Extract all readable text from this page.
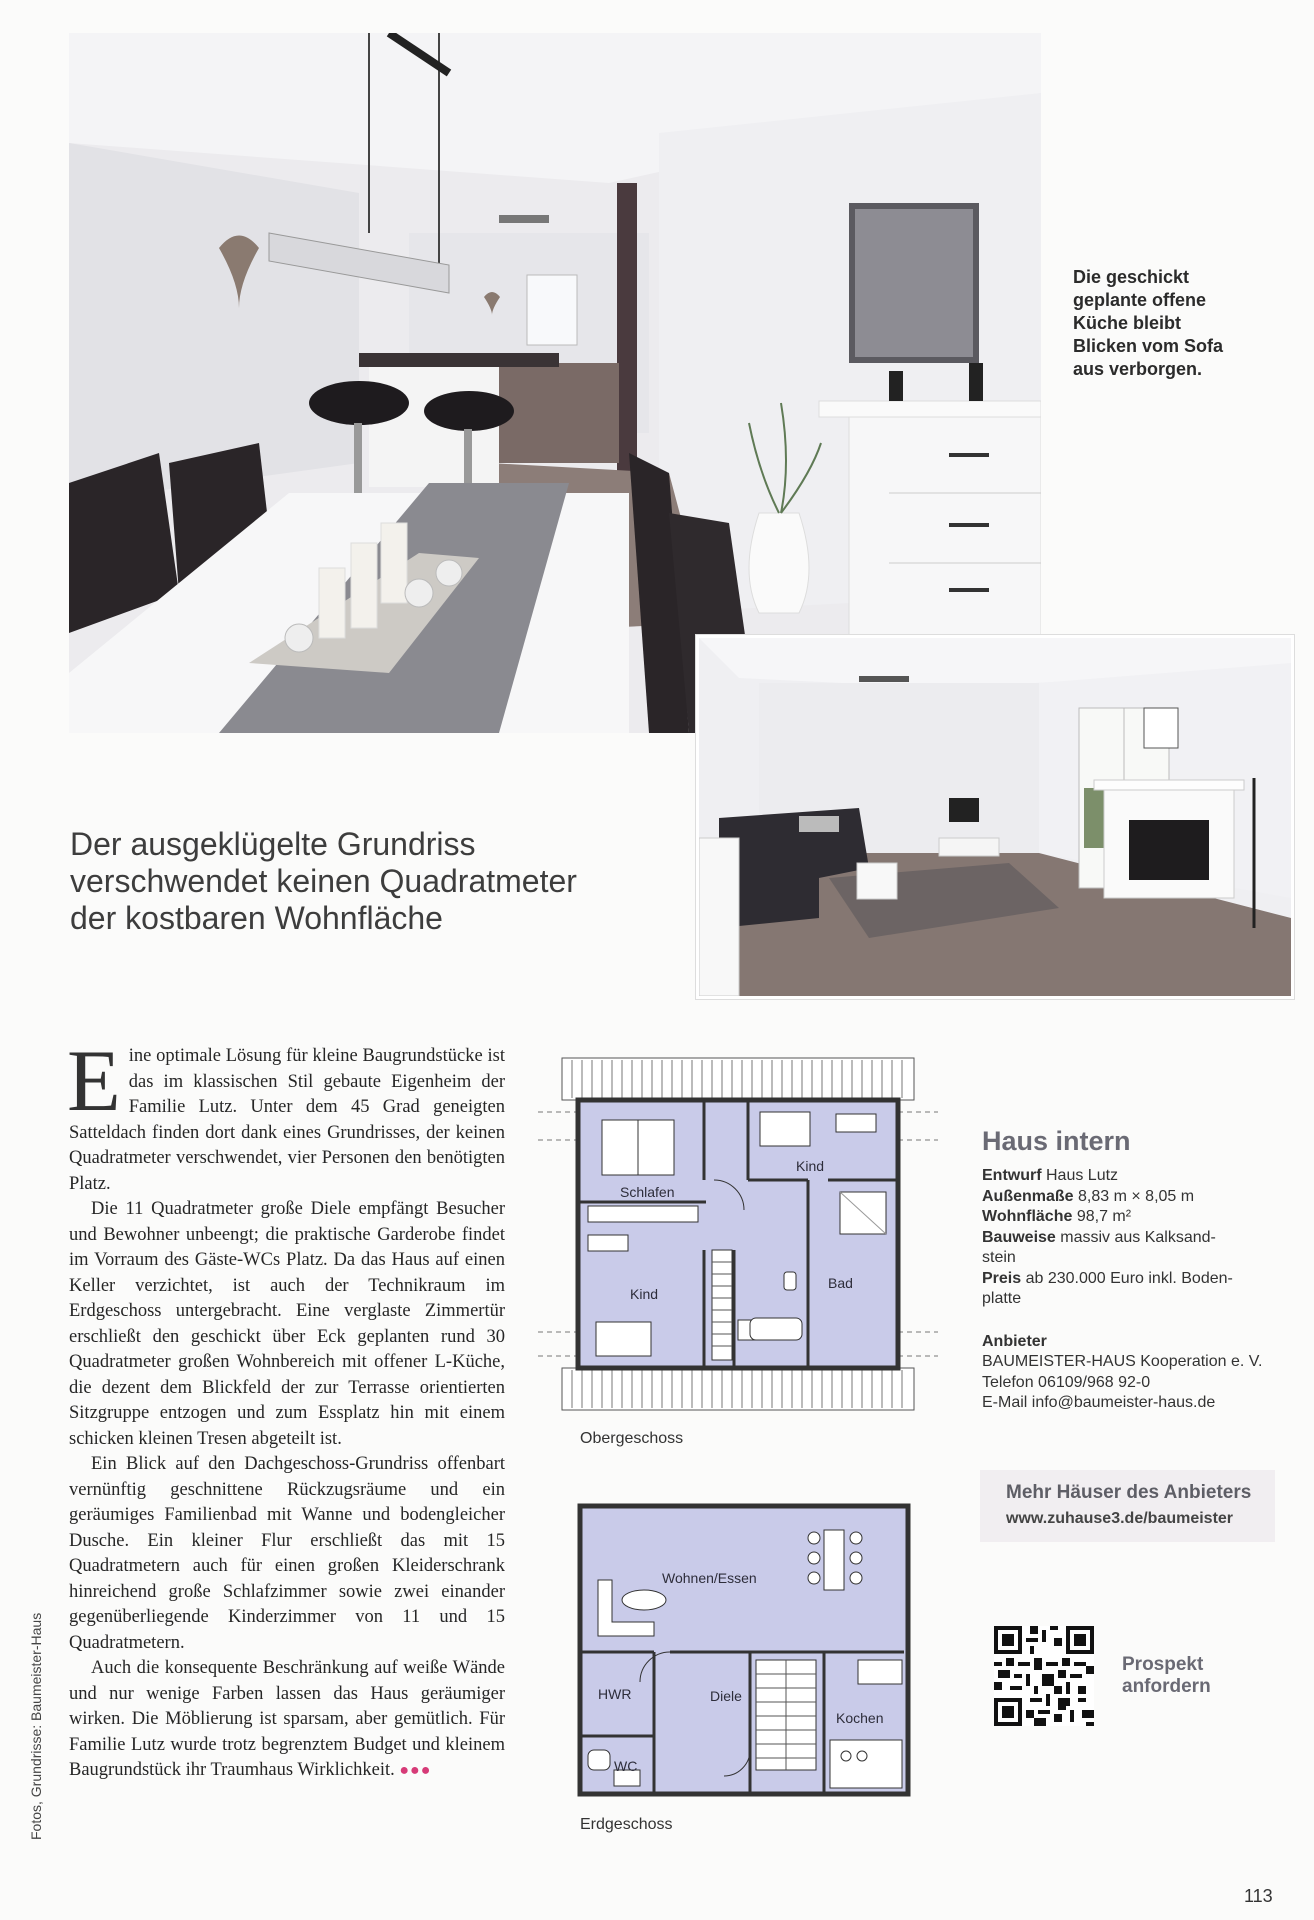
Die geschickt
geplante offene
Küche bleibt
Blicken vom Sofa
aus verborgen.
Der ausgeklügelte Grundriss
verschwendet keinen Quadratmeter
der kostbaren Wohnfläche

Eine optimale Lösung für kleine Baugrundstücke ist das im klassischen Stil gebaute Eigenheim der Familie Lutz. Unter dem 45 Grad geneigten Satteldach finden dort dank eines Grundrisses, der keinen Quadratmeter verschwendet, vier Personen den benötigten Platz.

Die 11 Quadratmeter große Diele empfängt Besucher und Bewohner unbeengt; die praktische Garderobe findet im Vorraum des Gäste-WCs Platz. Da das Haus auf einen Keller verzichtet, ist auch der Technikraum im Erdgeschoss untergebracht. Eine verglaste Zimmertür erschließt den geschickt über Eck geplanten rund 30 Quadratmeter großen Wohnbereich mit offener L-Küche, die dezent dem Blickfeld der zur Terrasse orientierten Sitzgruppe entzogen und zum Essplatz hin mit einem schicken kleinen Tresen abgeteilt ist.

Ein Blick auf den Dachgeschoss-Grundriss offenbart vernünftig geschnittene Rückzugsräume und ein geräumiges Familienbad mit Wanne und bodengleicher Dusche. Ein kleiner Flur erschließt das mit 15 Quadratmetern auch für einen großen Kleiderschrank hinreichend große Schlafzimmer sowie zwei einander gegenüberliegende Kinderzimmer von 11 und 15 Quadratmetern.

Auch die konsequente Beschränkung auf weiße Wände und nur wenige Farben lassen das Haus geräumiger wirken. Die Möblierung ist sparsam, aber gemütlich. Für Familie Lutz wurde trotz begrenztem Budget und kleinem Baugrundstück ihr Traumhaus Wirklichkeit. ●●●

Fotos, Grundrisse: Baumeister-Haus
Schlafen
Kind
Kind
Bad
Obergeschoss
Wohnen/Essen
HWR	Diele
Kochen
WC
Erdgeschoss
Haus intern

Entwurf Haus Lutz

Außenmaße 8,83 m × 8,05 m

Wohnfläche 98,7 m²

Bauweise massiv aus Kalksand-

stein

Preis ab 230.000 Euro inkl. Boden-

platte

Anbieter

BAUMEISTER-HAUS Kooperation e. V.

Telefon 06109/968 92-0

E-Mail info@baumeister-haus.de

Mehr Häuser des Anbieters
www.zuhause3.de/baumeister
Prospekt
anfordern
113
